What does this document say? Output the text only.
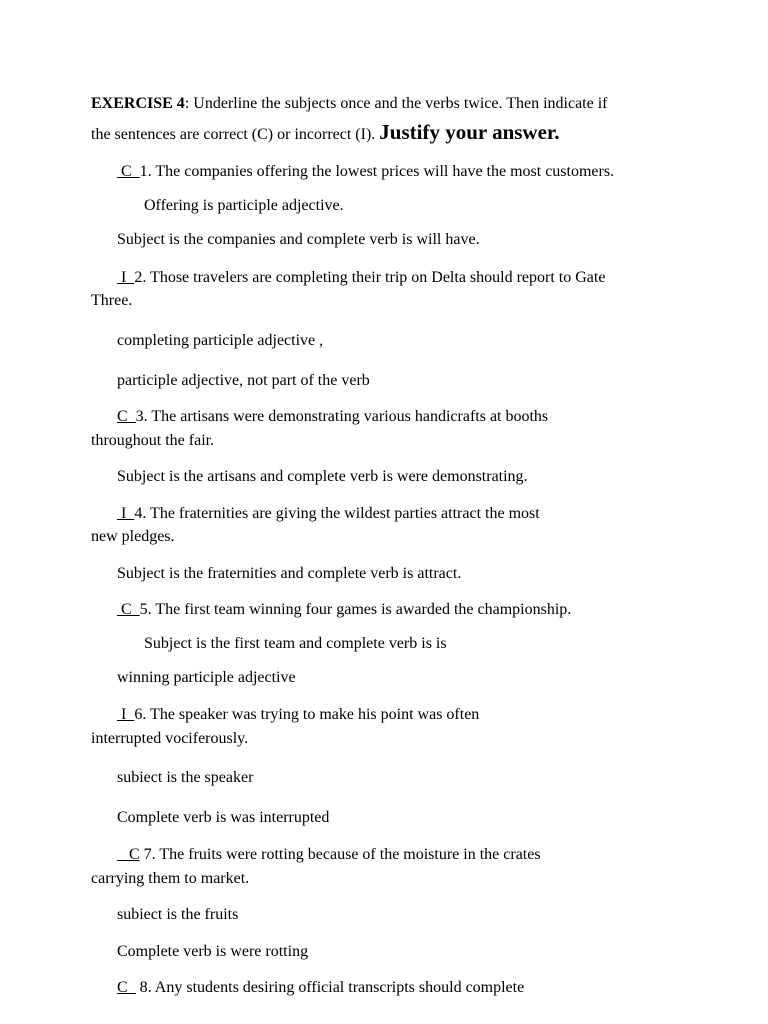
EXERCISE 4: Underline the subjects once and the verbs twice. Then indicate if
the sentences are correct (C) or incorrect (I). Justify your answer.
C  1. The companies offering the lowest prices will have the most customers.
Offering is participle adjective.
Subject is the companies and complete verb is will have.
I  2. Those travelers are completing their trip on Delta should report to Gate
Three.
completing participle adjective ,
participle adjective, not part of the verb
C  3. The artisans were demonstrating various handicrafts at booths
throughout the fair.
Subject is the artisans and complete verb is were demonstrating.
I  4. The fraternities are giving the wildest parties attract the most
new pledges.
Subject is the fraternities and complete verb is attract.
C  5. The first team winning four games is awarded the championship.
Subject is the first team and complete verb is is
winning participle adjective
I  6. The speaker was trying to make his point was often
interrupted vociferously.
subiect is the speaker
Complete verb is was interrupted
C 7. The fruits were rotting because of the moisture in the crates
carrying them to market.
subiect is the fruits
Complete verb is were rotting
C   8. Any students desiring official transcripts should complete
